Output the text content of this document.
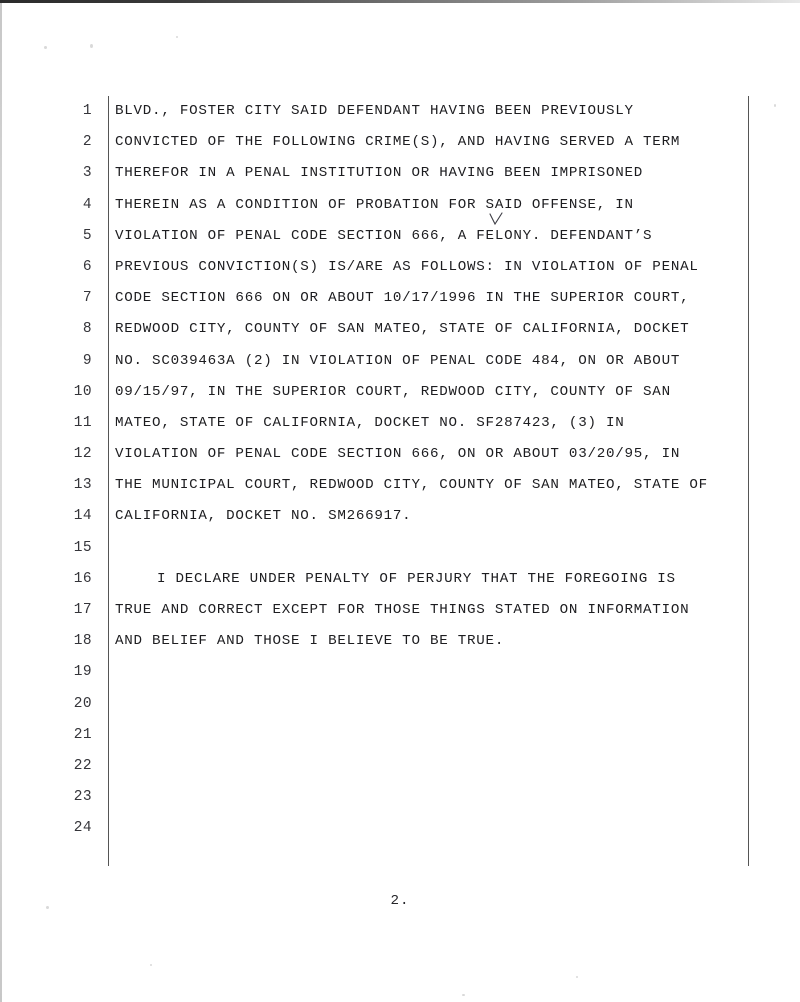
1 BLVD., FOSTER CITY SAID DEFENDANT HAVING BEEN PREVIOUSLY
2 CONVICTED OF THE FOLLOWING CRIME(S), AND HAVING SERVED A TERM
3 THEREFOR IN A PENAL INSTITUTION OR HAVING BEEN IMPRISONED
4 THEREIN AS A CONDITION OF PROBATION FOR SAID OFFENSE, IN
5 VIOLATION OF PENAL CODE SECTION 666, A FELONY. DEFENDANT’S
6 PREVIOUS CONVICTION(S) IS/ARE AS FOLLOWS: IN VIOLATION OF PENAL
7 CODE SECTION 666 ON OR ABOUT 10/17/1996 IN THE SUPERIOR COURT,
8 REDWOOD CITY, COUNTY OF SAN MATEO, STATE OF CALIFORNIA, DOCKET
9 NO. SC039463A (2) IN VIOLATION OF PENAL CODE 484, ON OR ABOUT
10 09/15/97, IN THE SUPERIOR COURT, REDWOOD CITY, COUNTY OF SAN
11 MATEO, STATE OF CALIFORNIA, DOCKET NO. SF287423, (3) IN
12 VIOLATION OF PENAL CODE SECTION 666, ON OR ABOUT 03/20/95, IN
13 THE MUNICIPAL COURT, REDWOOD CITY, COUNTY OF SAN MATEO, STATE OF
14 CALIFORNIA, DOCKET NO. SM266917.
15
16	I DECLARE UNDER PENALTY OF PERJURY THAT THE FOREGOING IS
17 TRUE AND CORRECT EXCEPT FOR THOSE THINGS STATED ON INFORMATION
18 AND BELIEF AND THOSE I BELIEVE TO BE TRUE.
19
20
21
22
23
24
2.
